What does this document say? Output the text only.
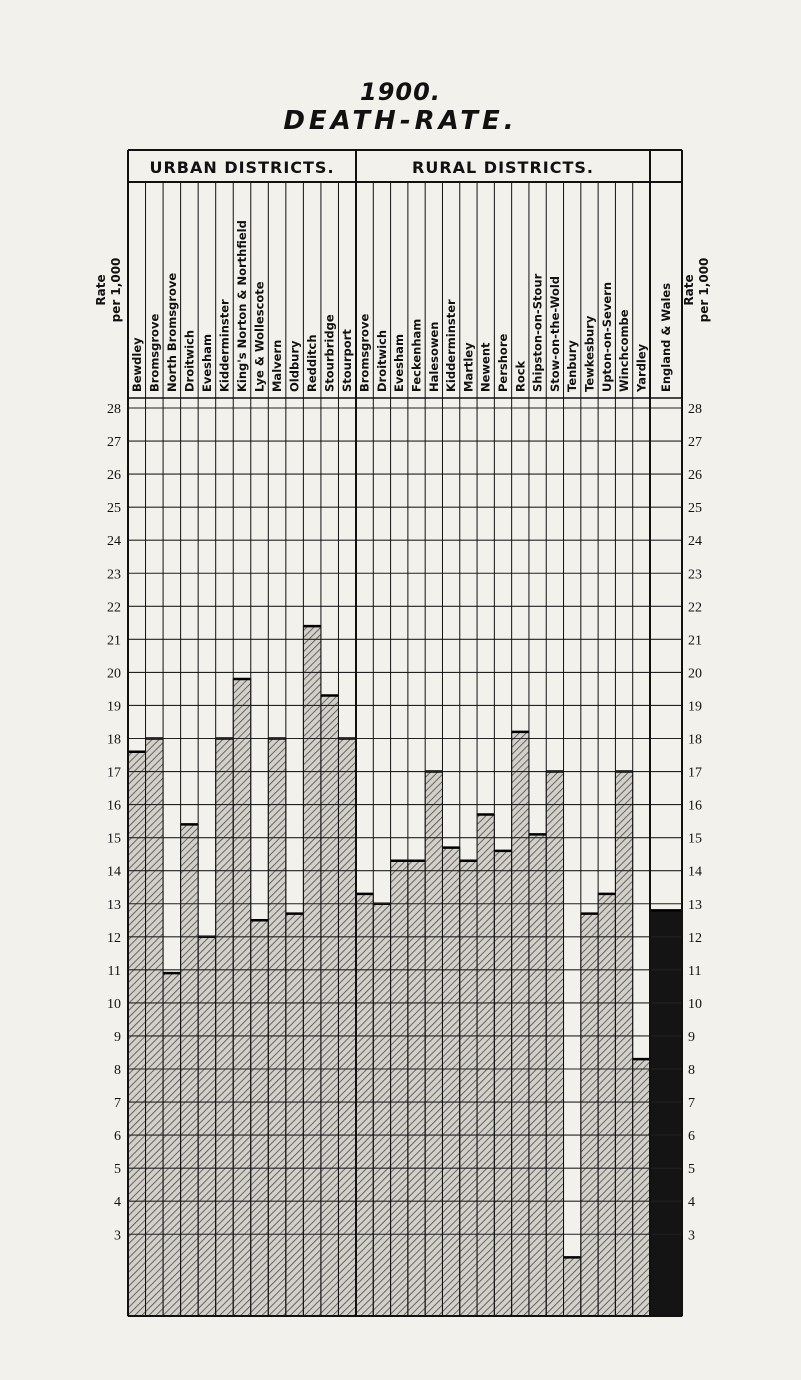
1900.
DEATH-RATE.
URBAN DISTRICTS.	RURAL DISTRICTS.
Bewdley Bromsgrove North Bromsgrove Droitwich Evesham Kidderminster King's Norton & Northfield Lye & Wollescote Malvern Oldbury Redditch Stourbridge Stourport Bromsgrove Droitwich Evesham Feckenham Halesowen Kidderminster Martley Newent Pershore Rock Shipston-on-Stour Stow-on-the-Wold Tenbury Tewkesbury Upton-on-Severn Winchcombe Yardley England & Wales
Rate per 1,000	Rate per 1,000
28	28
27	27
26	26
25	25
24	24
23	23
22	22
21	21
20	20
19	19
18	18
17	17
16	16
15	15
14	14
13	13
12	12
11	11
10	10
9	9
8	8
7	7
6	6
5	5
4	4
3	3
